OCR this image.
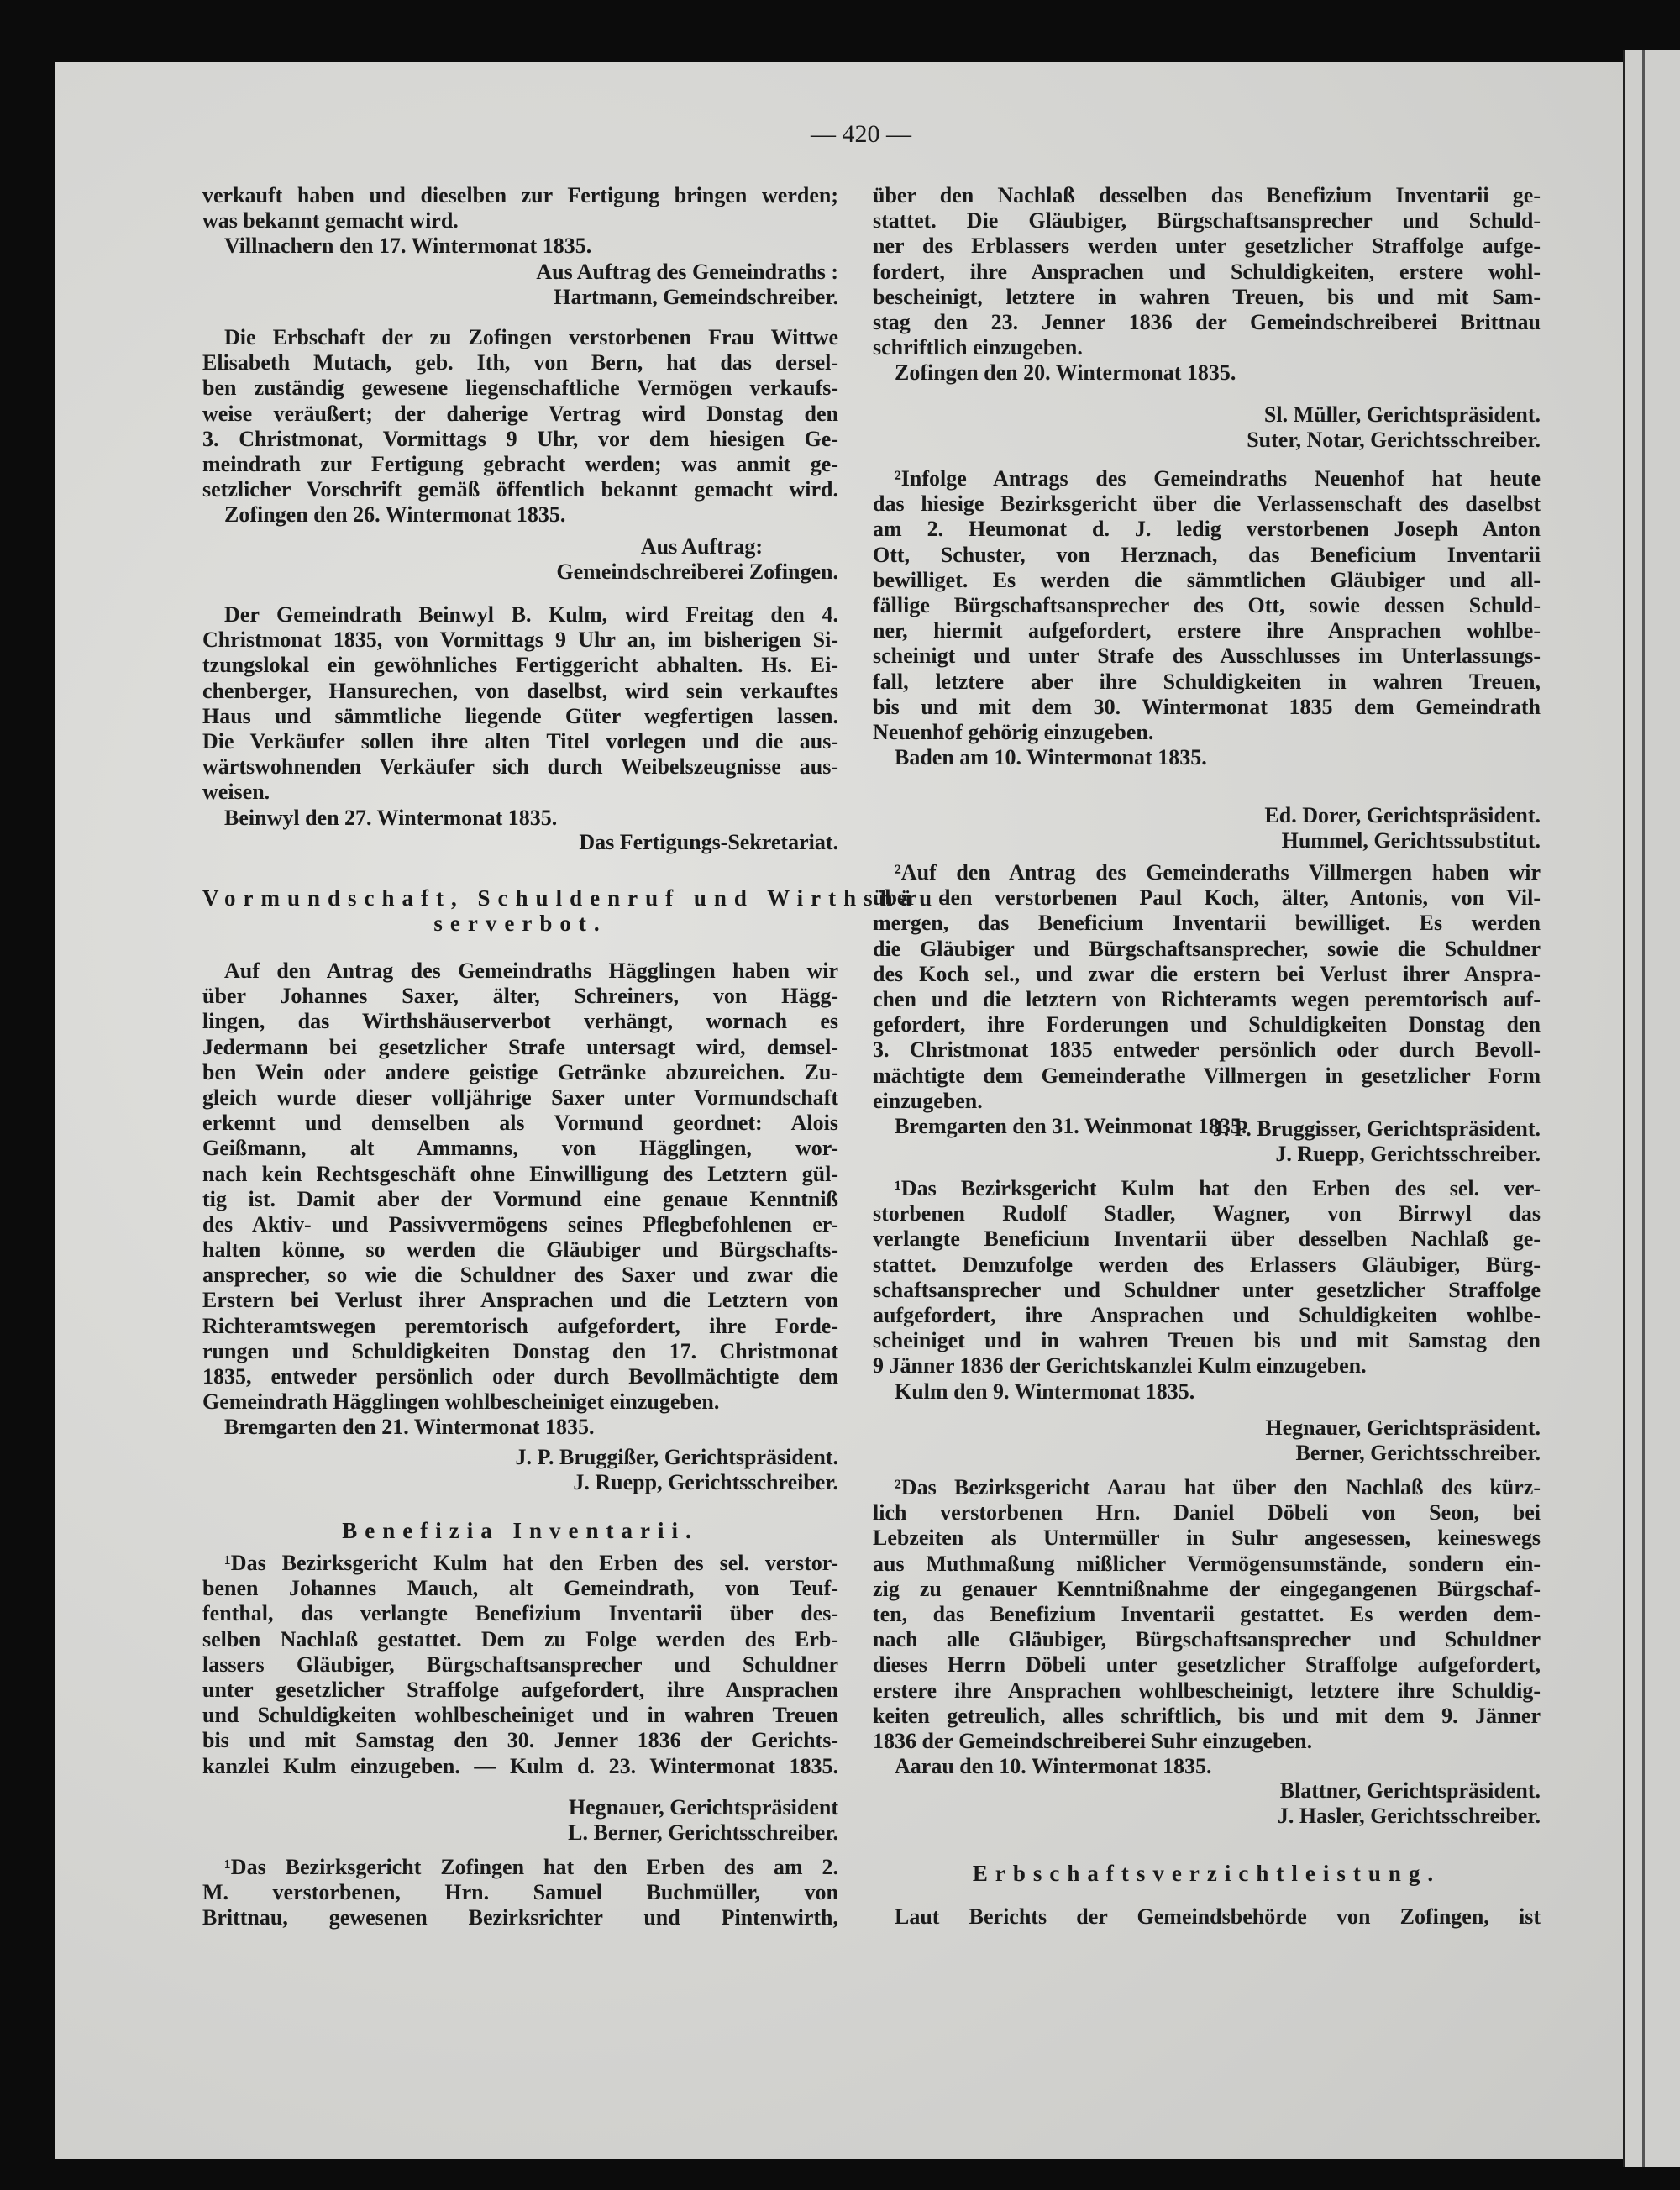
— 420 —
verkauft haben und dieselben zur Fertigung bringen werden;
was bekannt gemacht wird.
Villnachern den 17. Wintermonat 1835.
Aus Auftrag des Gemeindraths :
Hartmann, Gemeindschreiber.
Die Erbschaft der zu Zofingen verstorbenen Frau Wittwe
Elisabeth Mutach, geb. Ith, von Bern, hat das dersel-
ben zuständig gewesene liegenschaftliche Vermögen verkaufs-
weise veräußert; der daherige Vertrag wird Donstag den
3. Christmonat, Vormittags 9 Uhr, vor dem hiesigen Ge-
meindrath zur Fertigung gebracht werden; was anmit ge-
setzlicher Vorschrift gemäß öffentlich bekannt gemacht wird.
Zofingen den 26. Wintermonat 1835.
Aus Auftrag:
Gemeindschreiberei Zofingen.
Der Gemeindrath Beinwyl B. Kulm, wird Freitag den 4.
Christmonat 1835, von Vormittags 9 Uhr an, im bisherigen Si-
tzungslokal ein gewöhnliches Fertiggericht abhalten. Hs. Ei-
chenberger, Hansurechen, von daselbst, wird sein verkauftes
Haus und sämmtliche liegende Güter wegfertigen lassen.
Die Verkäufer sollen ihre alten Titel vorlegen und die aus-
wärtswohnenden Verkäufer sich durch Weibelszeugnisse aus-
weisen.
Beinwyl den 27. Wintermonat 1835.
Das Fertigungs-Sekretariat.
Vormundschaft, Schuldenruf und Wirthshäu-
serverbot.
Auf den Antrag des Gemeindraths Hägglingen haben wir
über Johannes Saxer, älter, Schreiners, von Hägg-
lingen, das Wirthshäuserverbot verhängt, wornach es
Jedermann bei gesetzlicher Strafe untersagt wird, demsel-
ben Wein oder andere geistige Getränke abzureichen. Zu-
gleich wurde dieser volljährige Saxer unter Vormundschaft
erkennt und demselben als Vormund geordnet: Alois
Geißmann, alt Ammanns, von Hägglingen, wor-
nach kein Rechtsgeschäft ohne Einwilligung des Letztern gül-
tig ist. Damit aber der Vormund eine genaue Kenntniß
des Aktiv- und Passivvermögens seines Pflegbefohlenen er-
halten könne, so werden die Gläubiger und Bürgschafts-
ansprecher, so wie die Schuldner des Saxer und zwar die
Erstern bei Verlust ihrer Ansprachen und die Letztern von
Richteramtswegen peremtorisch aufgefordert, ihre Forde-
rungen und Schuldigkeiten Donstag den 17. Christmonat
1835, entweder persönlich oder durch Bevollmächtigte dem
Gemeindrath Hägglingen wohlbescheiniget einzugeben.
Bremgarten den 21. Wintermonat 1835.
J. P. Bruggißer, Gerichtspräsident.
J. Ruepp, Gerichtsschreiber.
Benefizia Inventarii.
¹Das Bezirksgericht Kulm hat den Erben des sel. verstor-
benen Johannes Mauch, alt Gemeindrath, von Teuf-
fenthal, das verlangte Benefizium Inventarii über des-
selben Nachlaß gestattet. Dem zu Folge werden des Erb-
lassers Gläubiger, Bürgschaftsansprecher und Schuldner
unter gesetzlicher Straffolge aufgefordert, ihre Ansprachen
und Schuldigkeiten wohlbescheiniget und in wahren Treuen
bis und mit Samstag den 30. Jenner 1836 der Gerichts-
kanzlei Kulm einzugeben. — Kulm d. 23. Wintermonat 1835.
Hegnauer, Gerichtspräsident
L. Berner, Gerichtsschreiber.
¹Das Bezirksgericht Zofingen hat den Erben des am 2.
M. verstorbenen, Hrn. Samuel Buchmüller, von
Brittnau, gewesenen Bezirksrichter und Pintenwirth,
über den Nachlaß desselben das Benefizium Inventarii ge-
stattet. Die Gläubiger, Bürgschaftsansprecher und Schuld-
ner des Erblassers werden unter gesetzlicher Straffolge aufge-
fordert, ihre Ansprachen und Schuldigkeiten, erstere wohl-
bescheinigt, letztere in wahren Treuen, bis und mit Sam-
stag den 23. Jenner 1836 der Gemeindschreiberei Brittnau
schriftlich einzugeben.
Zofingen den 20. Wintermonat 1835.
Sl. Müller, Gerichtspräsident.
Suter, Notar, Gerichtsschreiber.
²Infolge Antrags des Gemeindraths Neuenhof hat heute
das hiesige Bezirksgericht über die Verlassenschaft des daselbst
am 2. Heumonat d. J. ledig verstorbenen Joseph Anton
Ott, Schuster, von Herznach, das Beneficium Inventarii
bewilliget. Es werden die sämmtlichen Gläubiger und all-
fällige Bürgschaftsansprecher des Ott, sowie dessen Schuld-
ner, hiermit aufgefordert, erstere ihre Ansprachen wohlbe-
scheinigt und unter Strafe des Ausschlusses im Unterlassungs-
fall, letztere aber ihre Schuldigkeiten in wahren Treuen,
bis und mit dem 30. Wintermonat 1835 dem Gemeindrath
Neuenhof gehörig einzugeben.
Baden am 10. Wintermonat 1835.
Ed. Dorer, Gerichtspräsident.
Hummel, Gerichtssubstitut.
²Auf den Antrag des Gemeinderaths Villmergen haben wir
über den verstorbenen Paul Koch, älter, Antonis, von Vil-
mergen, das Beneficium Inventarii bewilliget. Es werden
die Gläubiger und Bürgschaftsansprecher, sowie die Schuldner
des Koch sel., und zwar die erstern bei Verlust ihrer Anspra-
chen und die letztern von Richteramts wegen peremtorisch auf-
gefordert, ihre Forderungen und Schuldigkeiten Donstag den
3. Christmonat 1835 entweder persönlich oder durch Bevoll-
mächtigte dem Gemeinderathe Villmergen in gesetzlicher Form
einzugeben.
Bremgarten den 31. Weinmonat 1835.
J. P. Bruggisser, Gerichtspräsident.
J. Ruepp, Gerichtsschreiber.
¹Das Bezirksgericht Kulm hat den Erben des sel. ver-
storbenen Rudolf Stadler, Wagner, von Birrwyl das
verlangte Beneficium Inventarii über desselben Nachlaß ge-
stattet. Demzufolge werden des Erlassers Gläubiger, Bürg-
schaftsansprecher und Schuldner unter gesetzlicher Straffolge
aufgefordert, ihre Ansprachen und Schuldigkeiten wohlbe-
scheiniget und in wahren Treuen bis und mit Samstag den
9 Jänner 1836 der Gerichtskanzlei Kulm einzugeben.
Kulm den 9. Wintermonat 1835.
Hegnauer, Gerichtspräsident.
Berner, Gerichtsschreiber.
²Das Bezirksgericht Aarau hat über den Nachlaß des kürz-
lich verstorbenen Hrn. Daniel Döbeli von Seon, bei
Lebzeiten als Untermüller in Suhr angesessen, keineswegs
aus Muthmaßung mißlicher Vermögensumstände, sondern ein-
zig zu genauer Kenntnißnahme der eingegangenen Bürgschaf-
ten, das Benefizium Inventarii gestattet. Es werden dem-
nach alle Gläubiger, Bürgschaftsansprecher und Schuldner
dieses Herrn Döbeli unter gesetzlicher Straffolge aufgefordert,
erstere ihre Ansprachen wohlbescheinigt, letztere ihre Schuldig-
keiten getreulich, alles schriftlich, bis und mit dem 9. Jänner
1836 der Gemeindschreiberei Suhr einzugeben.
Aarau den 10. Wintermonat 1835.
Blattner, Gerichtspräsident.
J. Hasler, Gerichtsschreiber.
Erbschaftsverzichtleistung.
Laut Berichts der Gemeindsbehörde von Zofingen, ist
